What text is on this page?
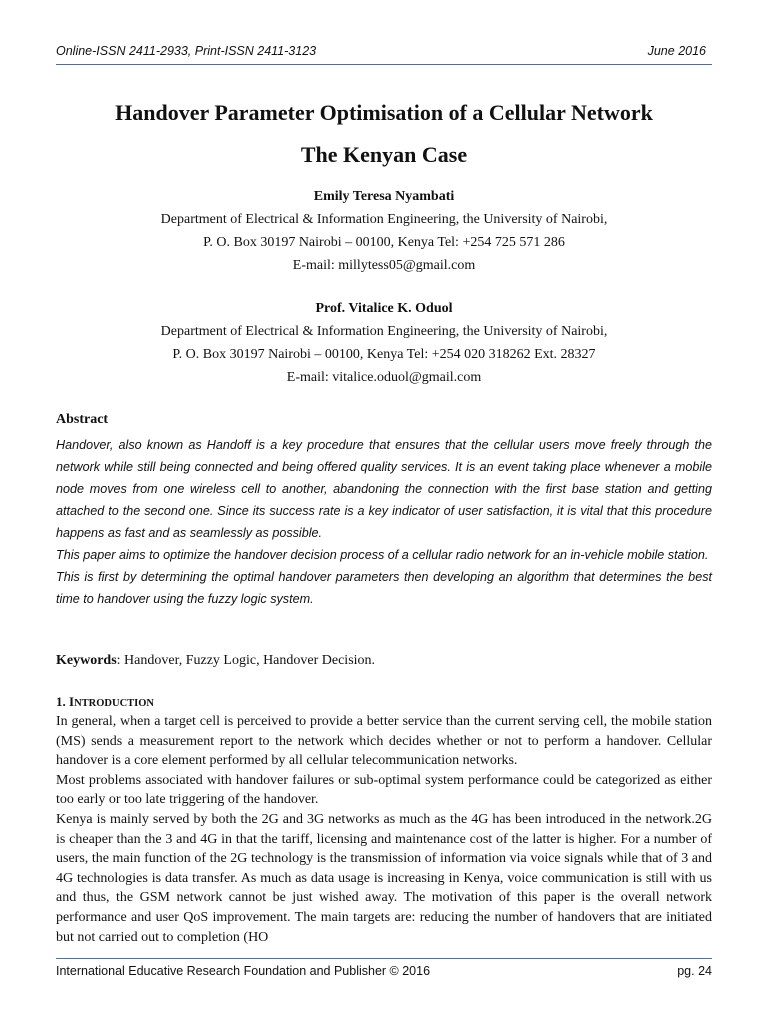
Online-ISSN 2411-2933, Print-ISSN 2411-3123	June 2016
Handover Parameter Optimisation of a Cellular Network
The Kenyan Case
Emily Teresa Nyambati
Department of Electrical & Information Engineering, the University of Nairobi,
P. O. Box 30197 Nairobi – 00100, Kenya Tel: +254 725 571 286
E-mail: millytess05@gmail.com
Prof. Vitalice K. Oduol
Department of Electrical & Information Engineering, the University of Nairobi,
P. O. Box 30197 Nairobi – 00100, Kenya Tel: +254 020 318262 Ext. 28327
E-mail: vitalice.oduol@gmail.com
Abstract

Handover, also known as Handoff is a key procedure that ensures that the cellular users move freely through the network while still being connected and being offered quality services. It is an event taking place whenever a mobile node moves from one wireless cell to another, abandoning the connection with the first base station and getting attached to the second one. Since its success rate is a key indicator of user satisfaction, it is vital that this procedure happens as fast and as seamlessly as possible.

This paper aims to optimize the handover decision process of a cellular radio network for an in-vehicle mobile station.

This is first by determining the optimal handover parameters then developing an algorithm that determines the best time to handover using the fuzzy logic system.

Keywords: Handover, Fuzzy Logic, Handover Decision.
1. INTRODUCTION

In general, when a target cell is perceived to provide a better service than the current serving cell, the mobile station (MS) sends a measurement report to the network which decides whether or not to perform a handover. Cellular handover is a core element performed by all cellular telecommunication networks.

Most problems associated with handover failures or sub-optimal system performance could be categorized as either too early or too late triggering of the handover.

Kenya is mainly served by both the 2G and 3G networks as much as the 4G has been introduced in the network.2G is cheaper than the 3 and 4G in that the tariff, licensing and maintenance cost of the latter is higher. For a number of users, the main function of the 2G technology is the transmission of information via voice signals while that of 3 and 4G technologies is data transfer. As much as data usage is increasing in Kenya, voice communication is still with us and thus, the GSM network cannot be just wished away. The motivation of this paper is the overall network performance and user QoS improvement. The main targets are: reducing the number of handovers that are initiated but not carried out to completion (HO

International Educative Research Foundation and Publisher © 2016	pg. 24
